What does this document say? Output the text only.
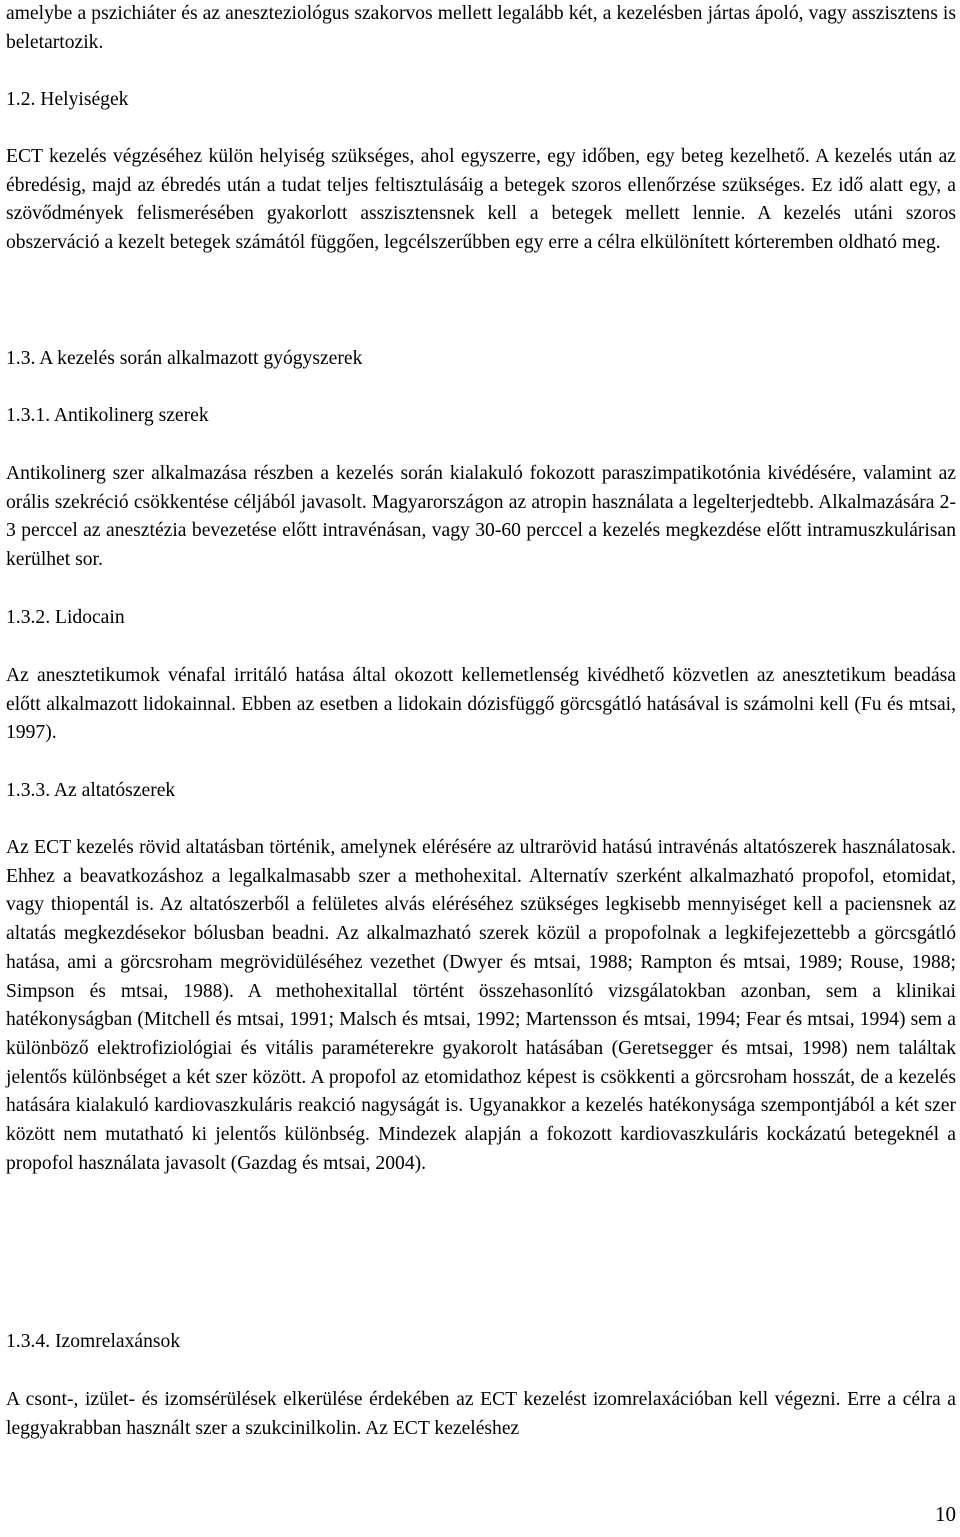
amelybe a pszichiáter és az aneszteziológus szakorvos mellett legalább két, a kezelésben jártas ápoló, vagy asszisztens is beletartozik.

1.2. Helyiségek

ECT kezelés végzéséhez külön helyiség szükséges, ahol egyszerre, egy időben, egy beteg kezelhető. A kezelés után az ébredésig, majd az ébredés után a tudat teljes feltisztulásáig a betegek szoros ellenőrzése szükséges. Ez idő alatt egy, a szövődmények felismerésében gyakorlott asszisztensnek kell a betegek mellett lennie. A kezelés utáni szoros obszerváció a kezelt betegek számától függően, legcélszerűbben egy erre a célra elkülönített kórteremben oldható meg.

1.3. A kezelés során alkalmazott gyógyszerek

1.3.1. Antikolinerg szerek

Antikolinerg szer alkalmazása részben a kezelés során kialakuló fokozott paraszimpatikotónia kivédésére, valamint az orális szekréció csökkentése céljából javasolt. Magyarországon az atropin használata a legelterjedtebb. Alkalmazására 2-3 perccel az anesztézia bevezetése előtt intravénásan, vagy 30-60 perccel a kezelés megkezdése előtt intramuszkulárisan kerülhet sor.

1.3.2. Lidocain

Az anesztetikumok vénafal irritáló hatása által okozott kellemetlenség kivédhető közvetlen az anesztetikum beadása előtt alkalmazott lidokainnal. Ebben az esetben a lidokain dózisfüggő görcsgátló hatásával is számolni kell (Fu és mtsai, 1997).

1.3.3. Az altatószerek

Az ECT kezelés rövid altatásban történik, amelynek elérésére az ultrarövid hatású intravénás altatószerek használatosak. Ehhez a beavatkozáshoz a legalkalmasabb szer a methohexital. Alternatív szerként alkalmazható propofol, etomidat, vagy thiopentál is. Az altatószerből a felületes alvás eléréséhez szükséges legkisebb mennyiséget kell a paciensnek az altatás megkezdésekor bólusban beadni. Az alkalmazható szerek közül a propofolnak a legkifejezettebb a görcsgátló hatása, ami a görcsroham megrövidüléséhez vezethet (Dwyer és mtsai, 1988; Rampton és mtsai, 1989; Rouse, 1988; Simpson és mtsai, 1988). A methohexitallal történt összehasonlító vizsgálatokban azonban, sem a klinikai hatékonyságban (Mitchell és mtsai, 1991; Malsch és mtsai, 1992; Martensson és mtsai, 1994; Fear és mtsai, 1994) sem a különböző elektrofiziológiai és vitális paraméterekre gyakorolt hatásában (Geretsegger és mtsai, 1998) nem találtak jelentős különbséget a két szer között. A propofol az etomidathoz képest is csökkenti a görcsroham hosszát, de a kezelés hatására kialakuló kardiovaszkuláris reakció nagyságát is. Ugyanakkor a kezelés hatékonysága szempontjából a két szer között nem mutatható ki jelentős különbség. Mindezek alapján a fokozott kardiovaszkuláris kockázatú betegeknél a propofol használata javasolt (Gazdag és mtsai, 2004).

1.3.4. Izomrelaxánsok

A csont-, izület- és izomsérülések elkerülése érdekében az ECT kezelést izomrelaxációban kell végezni. Erre a célra a leggyakrabban használt szer a szukcinilkolin. Az ECT kezeléshez

10
